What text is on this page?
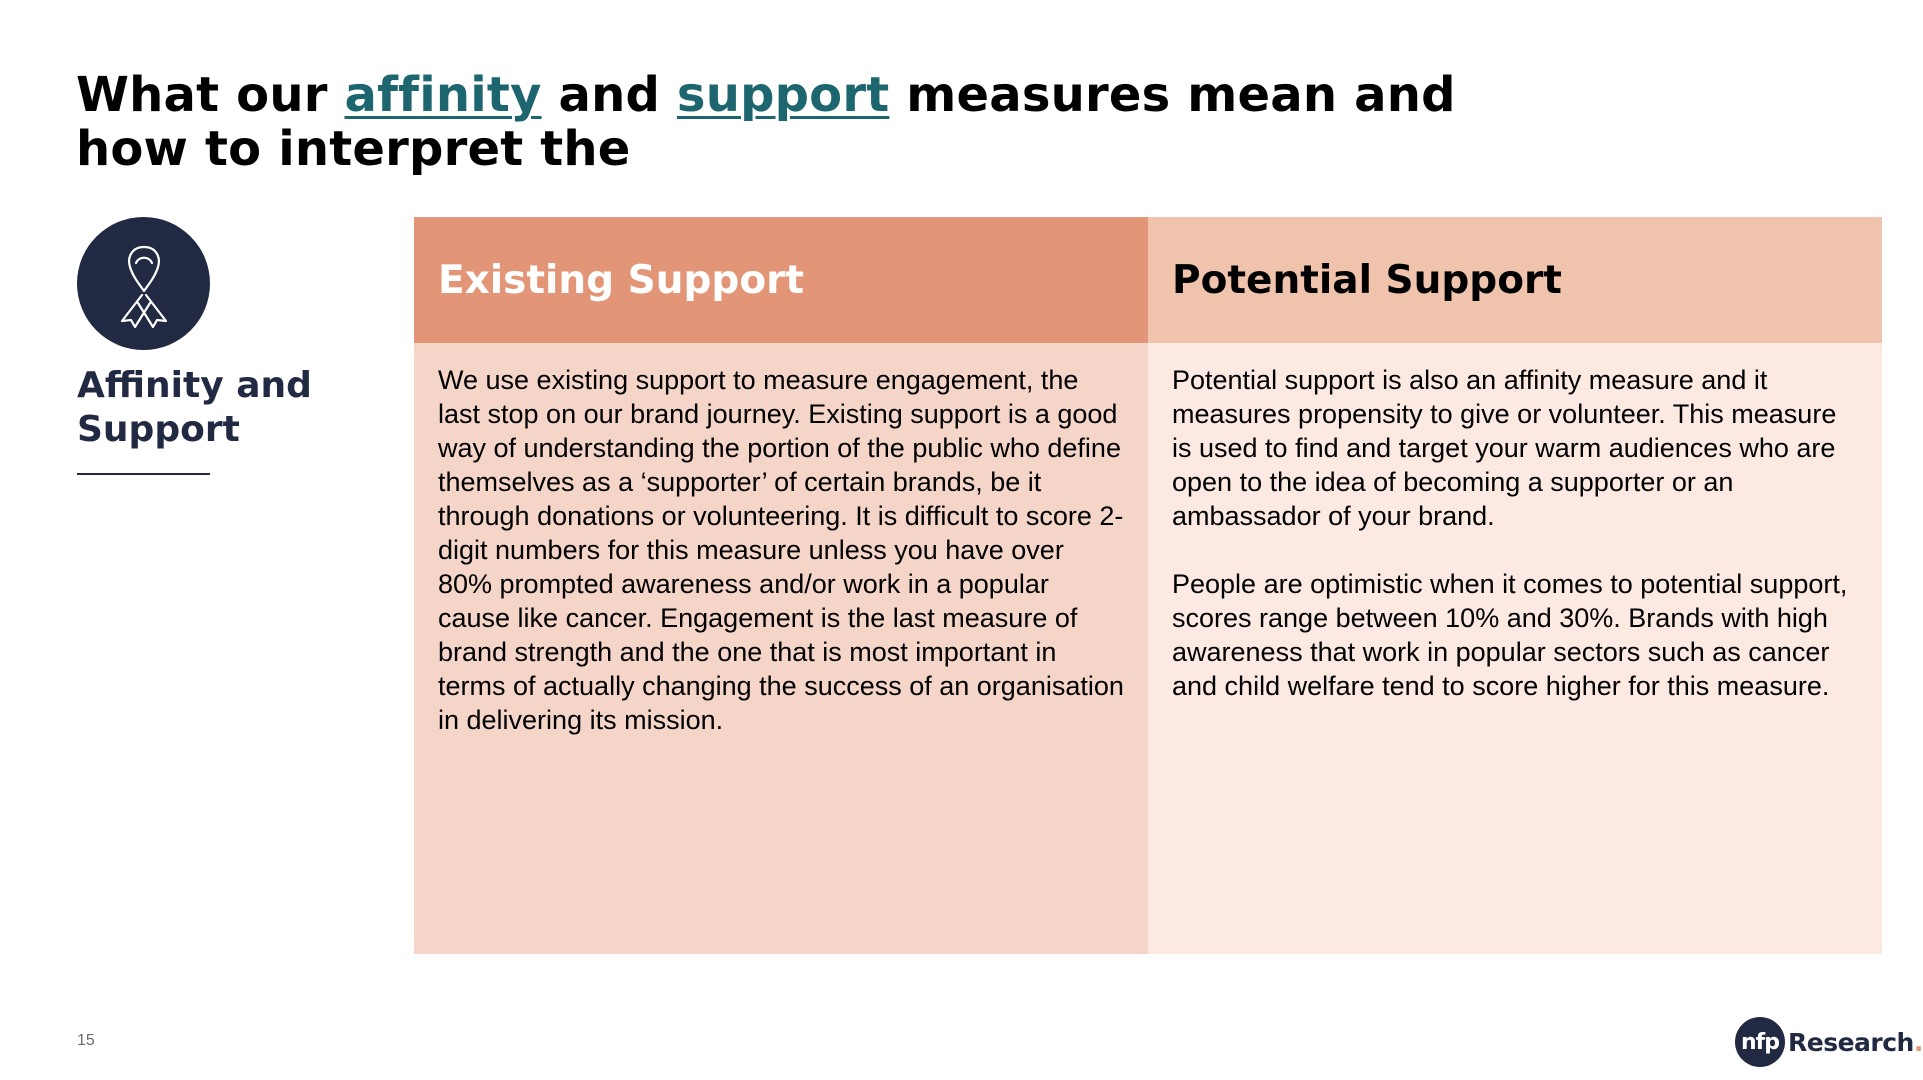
What our affinity and support measures mean and how to interpret the
Affinity and Support
Existing Support

We use existing support to measure engagement, the last stop on our brand journey. Existing support is a good way of understanding the portion of the public who define themselves as a ‘supporter’ of certain brands, be it through donations or volunteering. It is difficult to score 2-digit numbers for this measure unless you have over 80% prompted awareness and/or work in a popular cause like cancer. Engagement is the last measure of brand strength and the one that is most important in terms of actually changing the success of an organisation in delivering its mission.

Potential Support

Potential support is also an affinity measure and it measures propensity to give or volunteer. This measure is used to find and target your warm audiences who are open to the idea of becoming a supporter or an ambassador of your brand.

People are optimistic when it comes to potential support, scores range between 10% and 30%. Brands with high awareness that work in popular sectors such as cancer and child welfare tend to score higher for this measure.

15	nfp Research.
